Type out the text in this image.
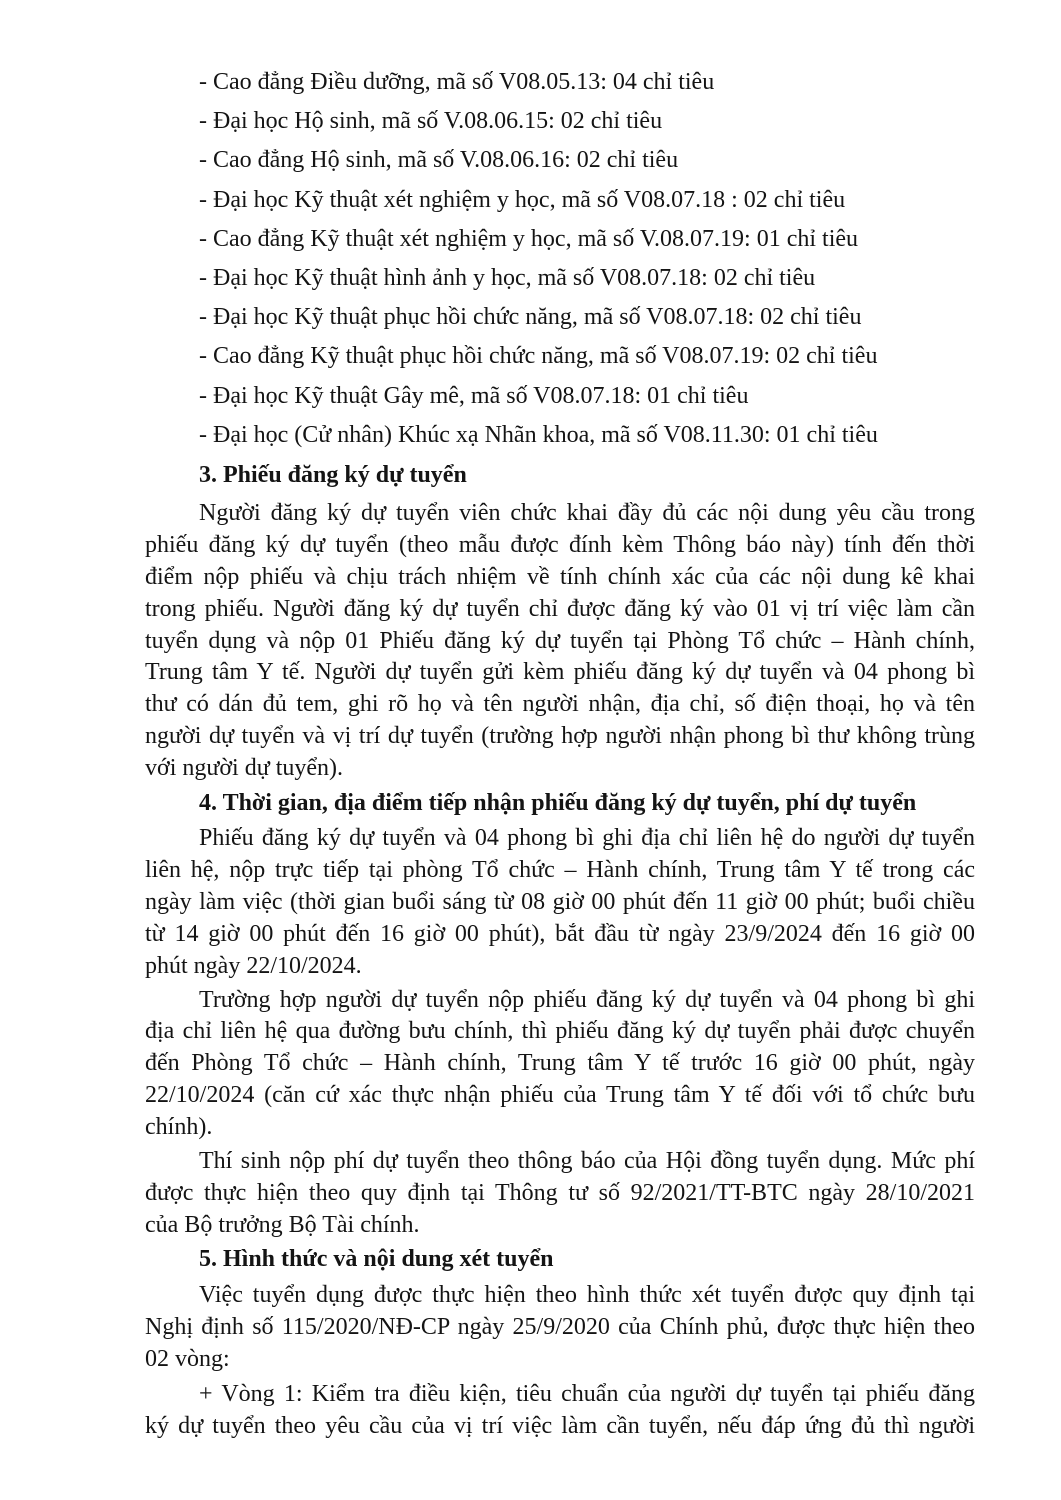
- Cao đẳng Điều dưỡng, mã số V08.05.13: 04 chỉ tiêu
- Đại học Hộ sinh, mã số V.08.06.15: 02 chỉ tiêu
- Cao đẳng Hộ sinh, mã số V.08.06.16: 02 chỉ tiêu
- Đại học Kỹ thuật xét nghiệm y học, mã số V08.07.18 : 02 chỉ tiêu
- Cao đẳng Kỹ thuật xét nghiệm y học, mã số V.08.07.19: 01 chỉ tiêu
- Đại học Kỹ thuật hình ảnh y học, mã số V08.07.18: 02 chỉ tiêu
- Đại học Kỹ thuật phục hồi chức năng, mã số V08.07.18: 02 chỉ tiêu
- Cao đẳng Kỹ thuật phục hồi chức năng, mã số V08.07.19: 02 chỉ tiêu
- Đại học Kỹ thuật Gây mê, mã số V08.07.18: 01 chỉ tiêu
- Đại học (Cử nhân) Khúc xạ Nhãn khoa, mã số V08.11.30: 01 chỉ tiêu
3. Phiếu đăng ký dự tuyển
Người đăng ký dự tuyển viên chức khai đầy đủ các nội dung yêu cầu trong
phiếu đăng ký dự tuyển (theo mẫu được đính kèm Thông báo này) tính đến thời
điểm nộp phiếu và chịu trách nhiệm về tính chính xác của các nội dung kê khai
trong phiếu. Người đăng ký dự tuyển chỉ được đăng ký vào 01 vị trí việc làm cần
tuyển dụng và nộp 01 Phiếu đăng ký dự tuyển tại Phòng Tổ chức – Hành chính,
Trung tâm Y tế. Người dự tuyển gửi kèm phiếu đăng ký dự tuyển và 04 phong bì
thư có dán đủ tem, ghi rõ họ và tên người nhận, địa chỉ, số điện thoại, họ và tên
người dự tuyển và vị trí dự tuyển (trường hợp người nhận phong bì thư không trùng
với người dự tuyển).
4. Thời gian, địa điểm tiếp nhận phiếu đăng ký dự tuyển, phí dự tuyển
Phiếu đăng ký dự tuyển và 04 phong bì ghi địa chỉ liên hệ do người dự tuyển
liên hệ, nộp trực tiếp tại phòng Tổ chức – Hành chính, Trung tâm Y tế trong các
ngày làm việc (thời gian buổi sáng từ 08 giờ 00 phút đến 11 giờ 00 phút; buổi chiều
từ 14 giờ 00 phút đến 16 giờ 00 phút), bắt đầu từ ngày 23/9/2024 đến 16 giờ 00
phút ngày 22/10/2024.
Trường hợp người dự tuyển nộp phiếu đăng ký dự tuyển và 04 phong bì ghi
địa chỉ liên hệ qua đường bưu chính, thì phiếu đăng ký dự tuyển phải được chuyển
đến Phòng Tổ chức – Hành chính, Trung tâm Y tế trước 16 giờ 00 phút, ngày
22/10/2024 (căn cứ xác thực nhận phiếu của Trung tâm Y tế đối với tổ chức bưu
chính).
Thí sinh nộp phí dự tuyển theo thông báo của Hội đồng tuyển dụng. Mức phí
được thực hiện theo quy định tại Thông tư số 92/2021/TT-BTC ngày 28/10/2021
của Bộ trưởng Bộ Tài chính.
5. Hình thức và nội dung xét tuyển
Việc tuyển dụng được thực hiện theo hình thức xét tuyển được quy định tại
Nghị định số 115/2020/NĐ-CP ngày 25/9/2020 của Chính phủ, được thực hiện theo
02 vòng:
+ Vòng 1: Kiểm tra điều kiện, tiêu chuẩn của người dự tuyển tại phiếu đăng
ký dự tuyển theo yêu cầu của vị trí việc làm cần tuyển, nếu đáp ứng đủ thì người
